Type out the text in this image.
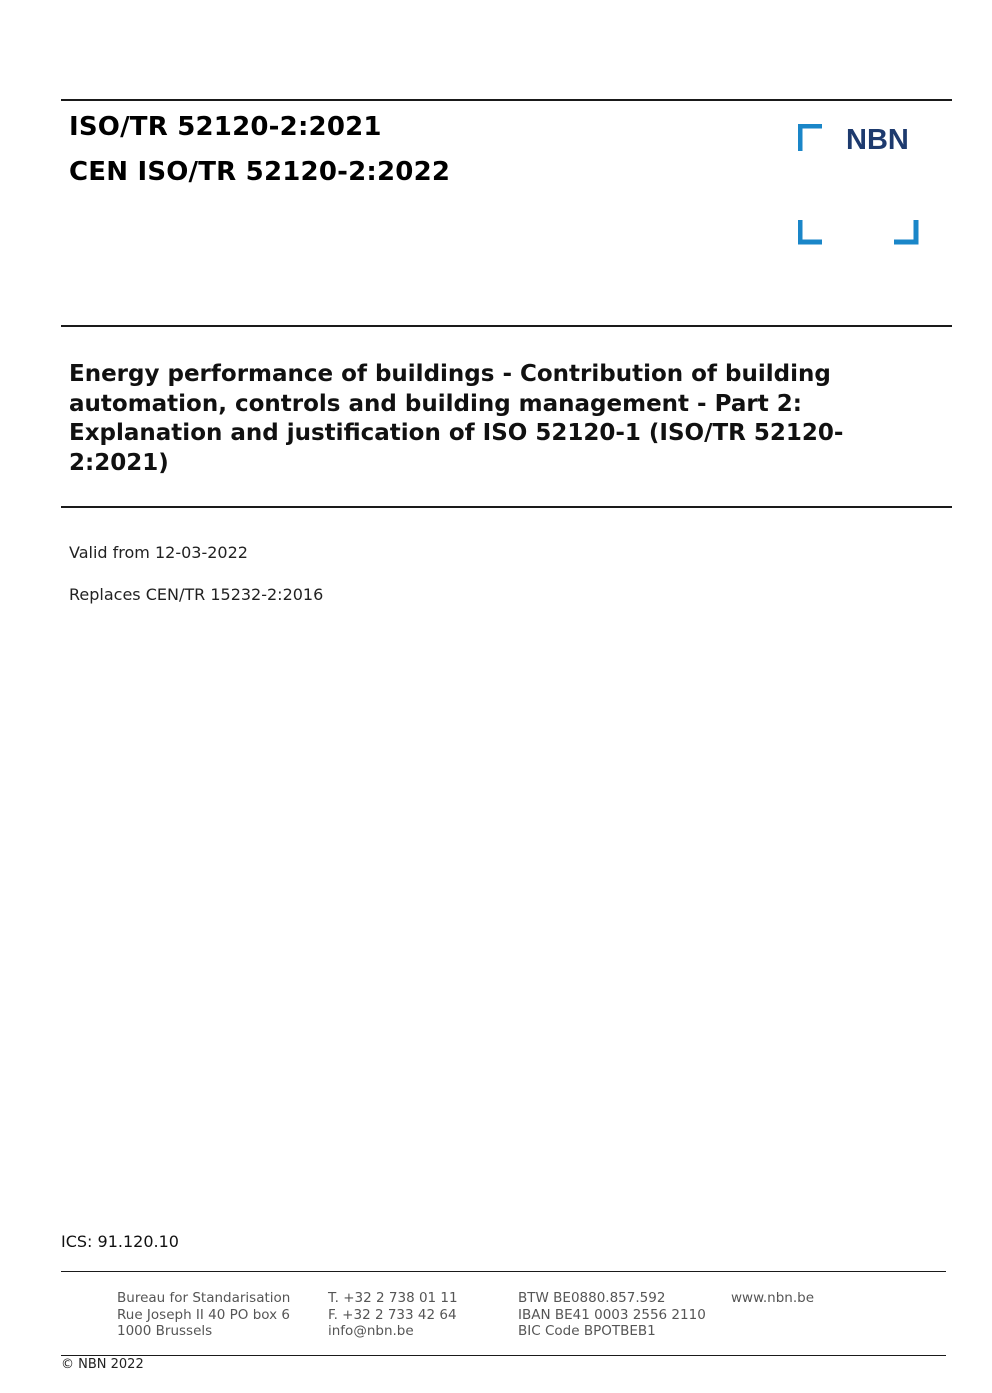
ISO/TR 52120-2:2021
CEN ISO/TR 52120-2:2022
NBN
Energy performance of buildings - Contribution of building automation, controls and building management - Part 2: Explanation and justification of ISO 52120-1 (ISO/TR 52120-2:2021)
Valid from 12-03-2022
Replaces CEN/TR 15232-2:2016
ICS: 91.120.10
Bureau for Standarisation
Rue Joseph II 40 PO box 6
1000 Brussels
T. +32 2 738 01 11
F. +32 2 733 42 64
info@nbn.be
BTW BE0880.857.592
IBAN BE41 0003 2556 2110
BIC Code BPOTBEB1
www.nbn.be
© NBN 2022
